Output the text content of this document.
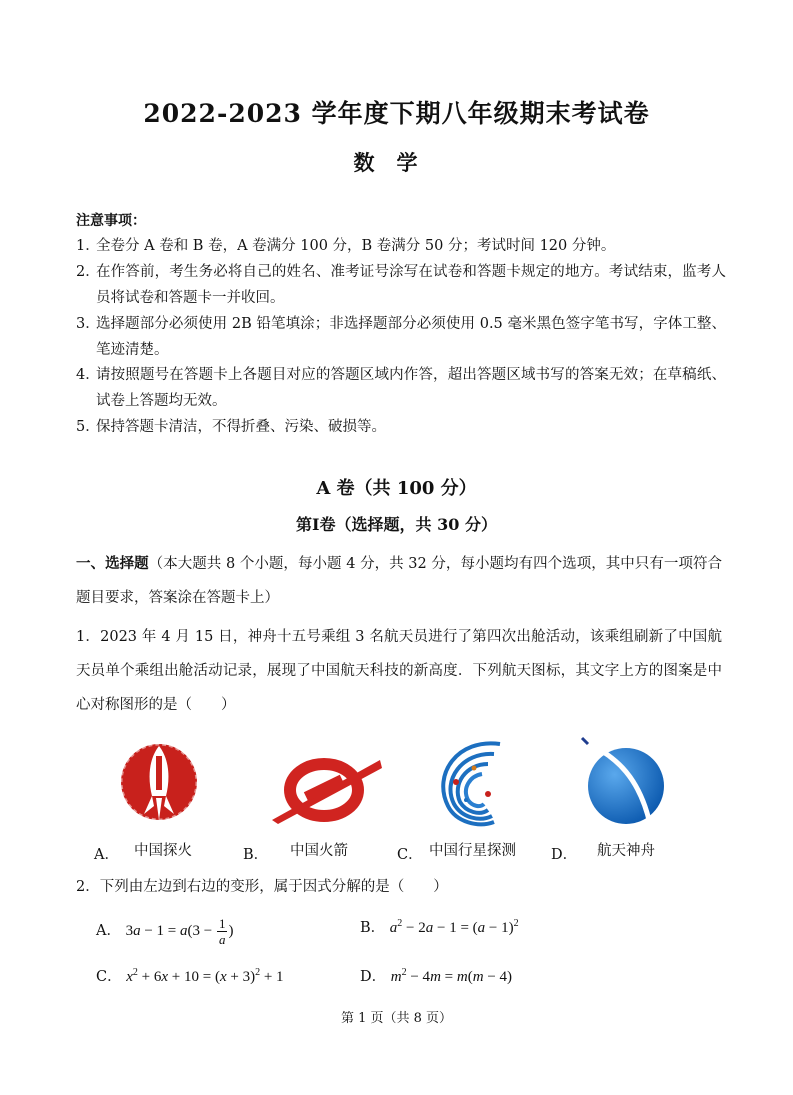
2022-2023 学年度下期八年级期末考试卷
数学
注意事项：
1．
全卷分 A 卷和 B 卷，A 卷满分 100 分，B 卷满分 50 分；考试时间 120 分钟。
2．
在作答前，考生务必将自己的姓名、准考证号涂写在试卷和答题卡规定的地方。考试结束，监考人员将试卷和答题卡一并收回。
3．
选择题部分必须使用 2B 铅笔填涂；非选择题部分必须使用 0.5 毫米黑色签字笔书写，字体工整、笔迹清楚。
4．
请按照题号在答题卡上各题目对应的答题区域内作答，超出答题区域书写的答案无效；在草稿纸、试卷上答题均无效。
5．
保持答题卡清洁，不得折叠、污染、破损等。
A 卷（共 100 分）
第Ⅰ卷（选择题，共 30 分）
一、选择题（本大题共 8 个小题，每小题 4 分，共 32 分，每小题均有四个选项，其中只有一项符合题目要求，答案涂在答题卡上）
1．2023 年 4 月 15 日，神舟十五号乘组 3 名航天员进行了第四次出舱活动，该乘组刷新了中国航天员单个乘组出舱活动记录，展现了中国航天科技的新高度．下列航天图标，其文字上方的图案是中心对称图形的是（　　）
A． 中国探火	B． 中国火箭	C． 中国行星探测 D． 航天神舟
2．下列由左边到右边的变形，属于因式分解的是（　　）
A． $3a - 1 = a(3 - \frac{1}{a}$ )	B． $a^2 - 2a - 1 = (a - 1)^2$
C． $x^2 + 6x + 10 = (x + 3)^2 + 1$	D． $m^2 - 4m = m(m - 4)$
第 1 页（共 8 页）
